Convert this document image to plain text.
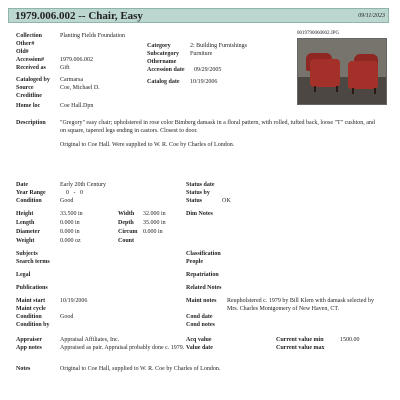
1979.006.002 -- Chair, Easy	09/11/2023
0019790060002.JPG
Collection	Planting Fields Foundation
Other#
Old#
Accession#	1979.006.002
Received as Gift
Cataloged by Carmarsa
Source	Coe, Michael D.
Creditline
Home loc	Coe Hall.Dpn
Category	2: Building Furnishings
Subcategory Furniture
Othername
Accession date 09/29/2005
Catalog date 10/19/2006
Description "Gregory" easy chair; upholstered in rose color Bimberg damask in a floral pattern, with rolled, tufted back, loose "T" cushion, and on square, tapered legs ending in castors. Closest to door.
Original to Coe Hall. Were supplied to W. R. Coe by Charles of London.
Date	Early 20th Century
Year Range	0   -   0
Condition	Good
Height	33.500 in
Length	0.000 in
Diameter	0.000 in
Weight	0.000 oz
Width 32.000 in
Depth 35.000 in
Circum 0.000 in
Count
Status date
Status by
Status	OK
Dim Notes
Subjects
Search terms
Legal
Publications
Classification
People
Repatriation
Related Notes
Maint start 10/19/2006
Maint cycle
Condition	Good
Condition by
Maint notes Reupholstered c. 1979 by Bill Klem with damask selected by Mrs. Charles Montgomery of New Haven, CT.
Cond date
Cond notes
Appraiser	Appraisal Affiliates, Inc.
App notes	Appraised as pair. Appraisal probably done c. 1979.
Acq value
Value date
Current value min	1500.00
Current value max
Notes	Original to Coe Hall, supplied to W. R. Coe by Charles of London.
